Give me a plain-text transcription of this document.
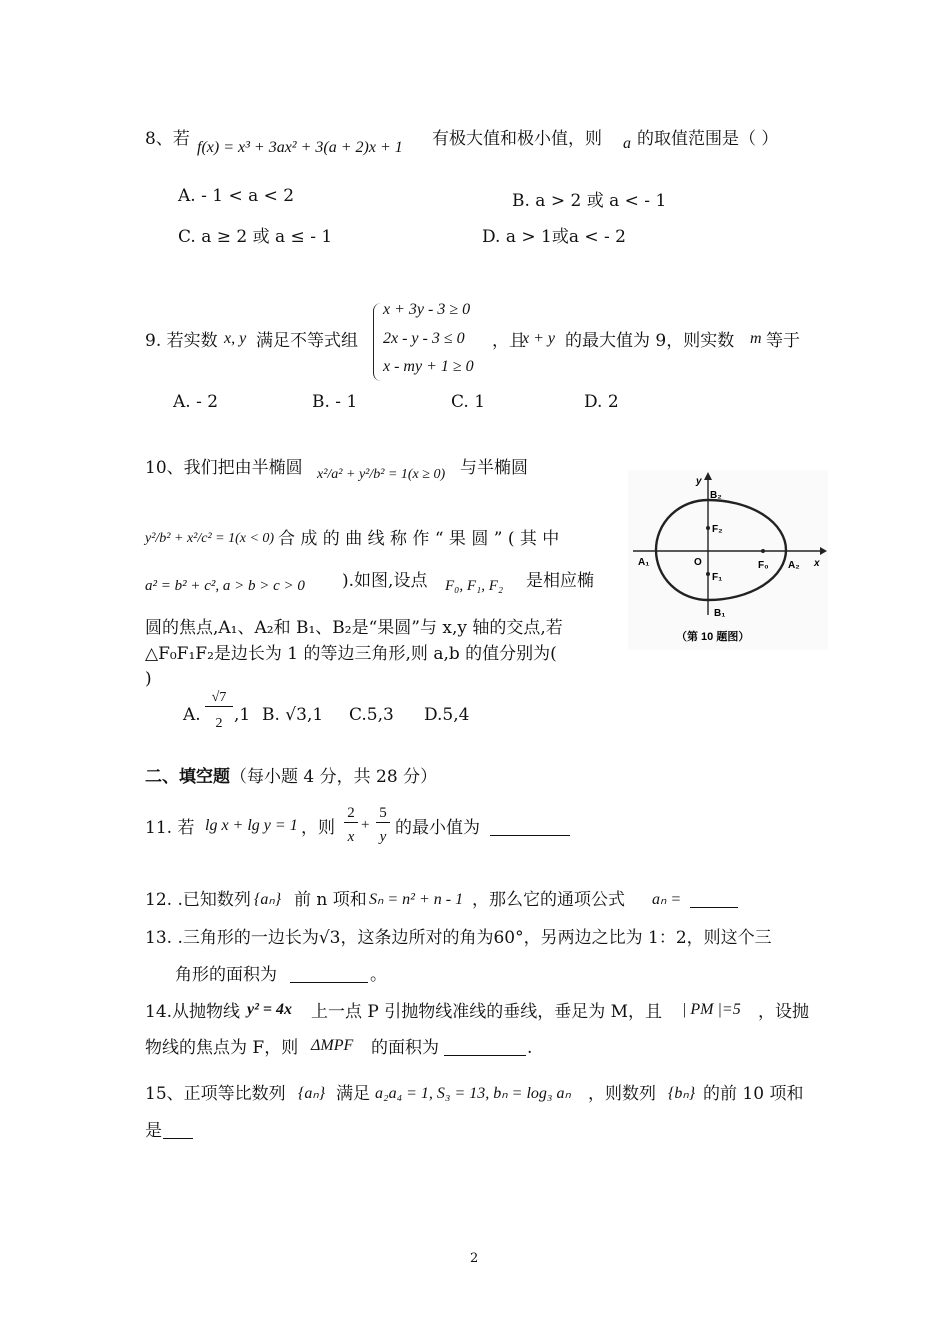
8、若 f(x) = x³ + 3ax² + 3(a + 2)x + 1 有极大值和极小值，则 a 的取值范围是（ ）
A. - 1 < a < 2	B. a > 2 或 a < - 1
C. a ≥ 2 或 a ≤ - 1	D. a > 1或a < - 2
9. 若实数 x, y 满足不等式组
x + 3y - 3 ≥ 0
2x - y - 3 ≤ 0
x - my + 1 ≥ 0
，且
x + y 的最大值为 9，则实数 m 等于
A. - 2	B. - 1	C. 1	D. 2
10、我们把由半椭圆 x²/a² + y²/b² = 1(x ≥ 0) 与半椭圆
y²/b² + x²/c² = 1(x < 0) 合 成 的 曲 线 称 作 “ 果 圆 ” ( 其 中
a² = b² + c², a > b > c > 0 ).如图,设点 F₀, F₁, F₂ 是相应椭
圆的焦点,A₁、A₂和 B₁、B₂是“果圆”与 x,y 轴的交点,若
△F₀F₁F₂是边长为 1 的等边三角形,则 a,b 的值分别为(
)
A.
√7
2 ,1 B. √3,1 C.5,3 D.5,4
y
x
B₂
F₂
O
A₁	F₀ A₂
F₁
B₁
（第 10 题图）
二、填空题（每小题 4 分，共 28 分）
11. 若 lg x + lg y = 1 ，则
2
x
+
5
y 的最小值为
12. .已知数列 {aₙ} 前 n 项和 Sₙ = n² + n - 1 ，那么它的通项公式 aₙ =
13. .三角形的一边长为√3，这条边所对的角为60°，另两边之比为 1：2，则这个三
角形的面积为	。
14.从抛物线 y² = 4x 上一点 P 引抛物线准线的垂线，垂足为 M，且 | PM |=5 ，设抛
物线的焦点为 F，则 ΔMPF 的面积为	.
15、正项等比数列 {aₙ} 满足 a₂a₄ = 1, S₃ = 13, bₙ = log₃ aₙ ，则数列 {bₙ} 的前 10 项和
是
2
